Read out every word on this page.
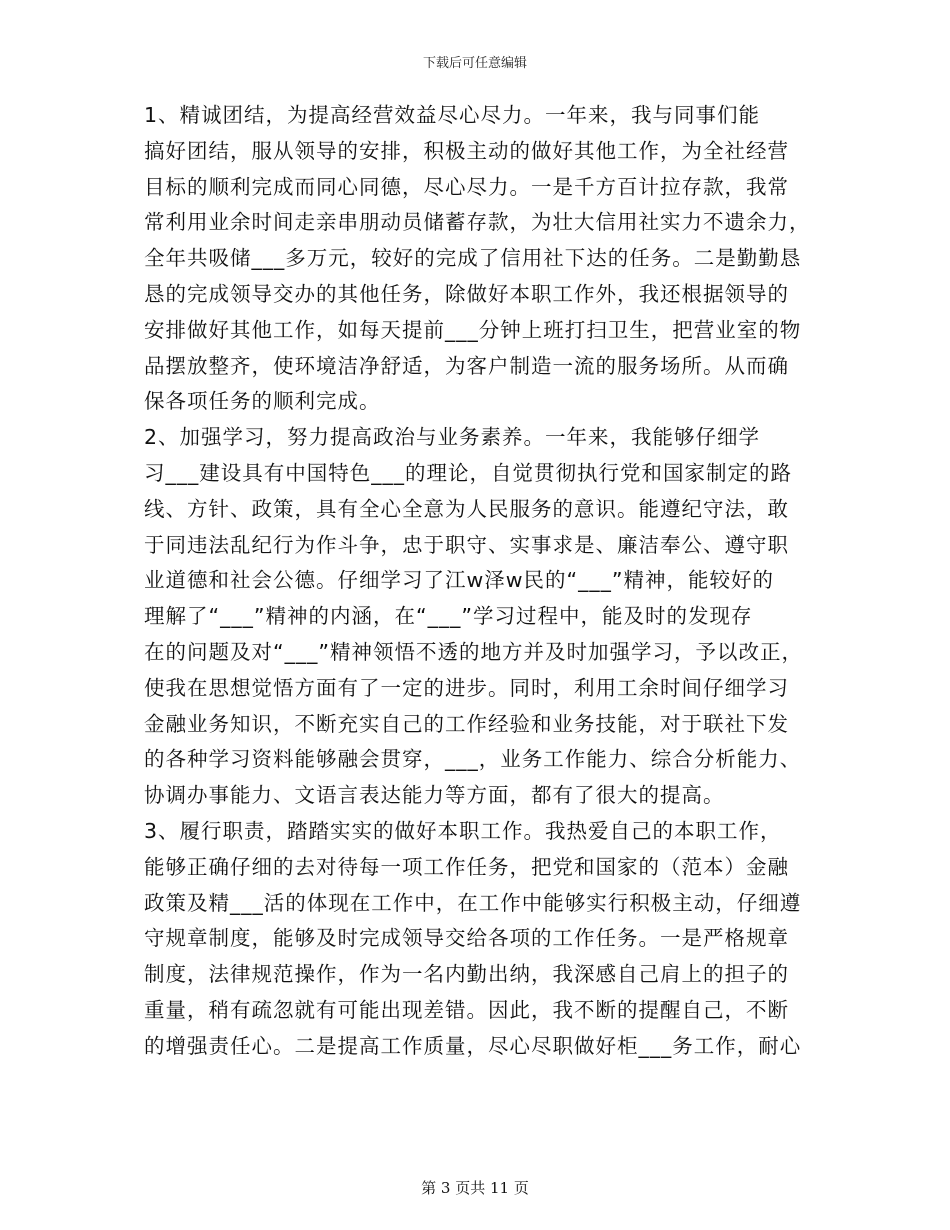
下载后可任意编辑
1、精诚团结，为提高经营效益尽心尽力。一年来，我与同事们能
搞好团结，服从领导的安排，积极主动的做好其他工作，为全社经营
目标的顺利完成而同心同德，尽心尽力。一是千方百计拉存款，我常
常利用业余时间走亲串朋动员储蓄存款，为壮大信用社实力不遗余力，
全年共吸储___多万元，较好的完成了信用社下达的任务。二是勤勤恳
恳的完成领导交办的其他任务，除做好本职工作外，我还根据领导的
安排做好其他工作，如每天提前___分钟上班打扫卫生，把营业室的物
品摆放整齐，使环境洁净舒适，为客户制造一流的服务场所。从而确
保各项任务的顺利完成。
2、加强学习，努力提高政治与业务素养。一年来，我能够仔细学
习___建设具有中国特色___的理论，自觉贯彻执行党和国家制定的路
线、方针、政策，具有全心全意为人民服务的意识。能遵纪守法，敢
于同违法乱纪行为作斗争，忠于职守、实事求是、廉洁奉公、遵守职
业道德和社会公德。仔细学习了江w泽w民的“___”精神，能较好的
理解了“___”精神的内涵，在“___”学习过程中，能及时的发现存
在的问题及对“___”精神领悟不透的地方并及时加强学习，予以改正，
使我在思想觉悟方面有了一定的进步。同时，利用工余时间仔细学习
金融业务知识，不断充实自己的工作经验和业务技能，对于联社下发
的各种学习资料能够融会贯穿，___，业务工作能力、综合分析能力、
协调办事能力、文语言表达能力等方面，都有了很大的提高。
3、履行职责，踏踏实实的做好本职工作。我热爱自己的本职工作，
能够正确仔细的去对待每一项工作任务，把党和国家的（范本）金融
政策及精___活的体现在工作中，在工作中能够实行积极主动，仔细遵
守规章制度，能够及时完成领导交给各项的工作任务。一是严格规章
制度，法律规范操作，作为一名内勤出纳，我深感自己肩上的担子的
重量，稍有疏忽就有可能出现差错。因此，我不断的提醒自己，不断
的增强责任心。二是提高工作质量，尽心尽职做好柜___务工作，耐心
第 3 页共 11 页
